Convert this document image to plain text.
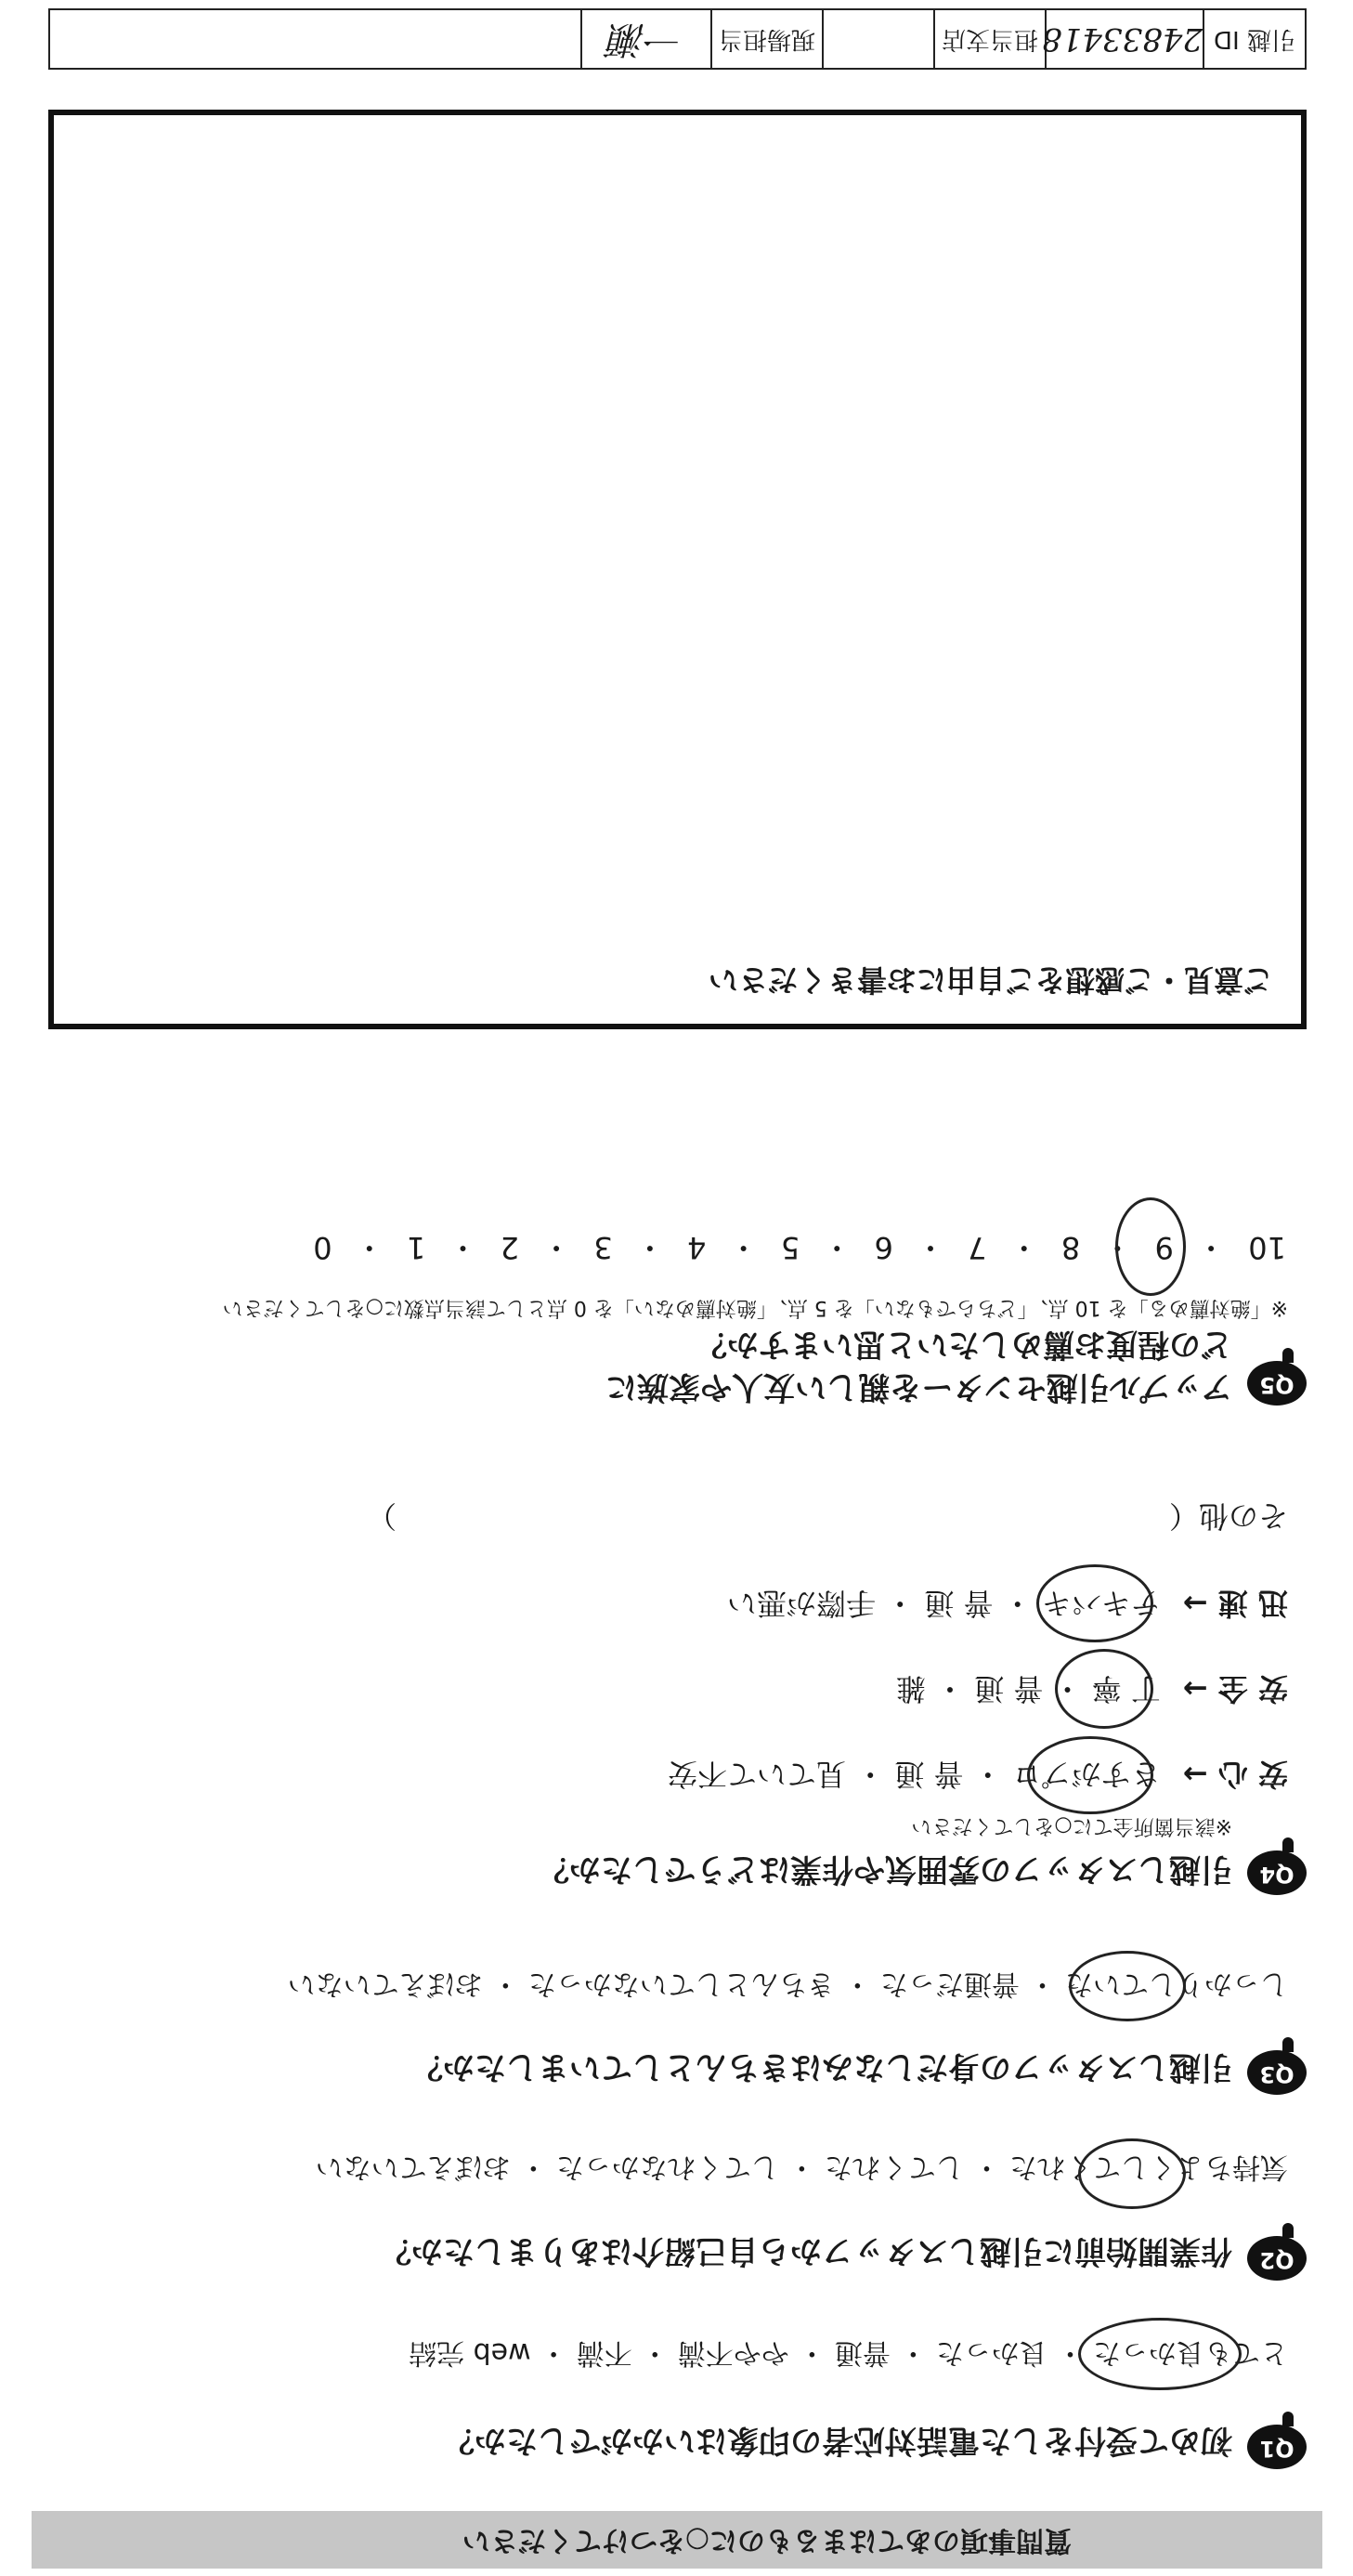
質問事項のあてはまるものに○をつけてください
Q1
初めて受付をした電話対応者の印象はいかがでしたか？
とても良かった ・ 良かった ・ 普通 ・ やや不満 ・ 不満 ・ web 完結
Q2
作業開始前に引越しスタッフから自己紹介はありましたか？
気持ちよくしてくれた ・ してくれた ・ してくれなかった ・ おぼえていない
Q3
引越しスタッフの身だしなみはきちんとしていましたか？
しっかりしていた ・ 普通だった ・ きちんとしていなかった ・ おぼえていない
Q4
引越しスタッフの雰囲気や作業はどうでしたか？
※該当箇所全てに○をしてください
安 心 →さすがプロ ・ 普 通 ・ 見ていて不安
安 全 →丁 寧 ・ 普 通 ・ 雑
迅 速 →テキパキ ・ 普 通 ・ 手際が悪い
その他（　　　　　　　　　　　　　　　　　　　　　　　　　　）
Q5
アップル引越センターを親しい友人や家族に
どの程度お薦めしたいと思いますか？
※「絶対薦める」を 10 点、「どちらでもない」を 5 点、「絶対薦めない」を 0 点として該当点数に○をしてください
10 ・ 9 ・ 8 ・ 7 ・ 6 ・ 5 ・ 4 ・ 3 ・ 2 ・ 1 ・ 0
ご意見・ご感想をご自由にお書きください
引越 ID
24833418
担当支店
現場担当
一瀬
